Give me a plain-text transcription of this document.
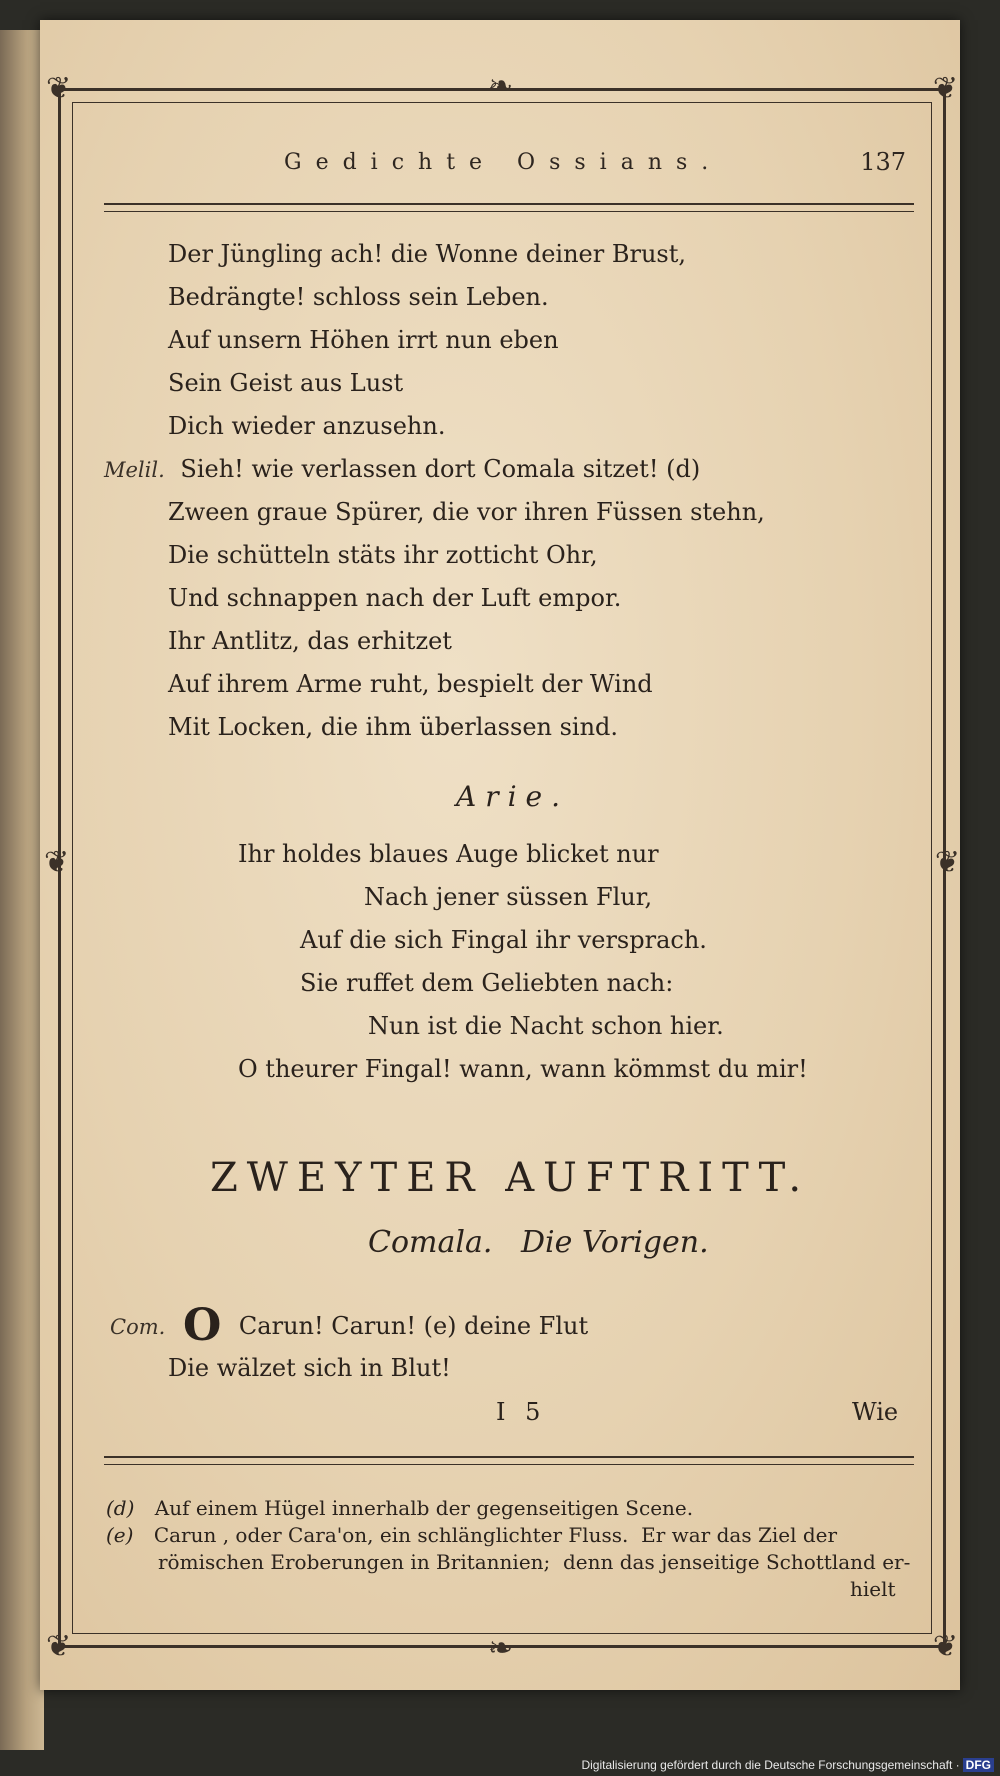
❦	❦
❦	❦
❧
❧
❦	❦
Gedichte Ossians.	137
Der Jüngling ach! die Wonne deiner Brust,
Bedrängte! schloss sein Leben.
Auf unsern Höhen irrt nun eben
Sein Geist aus Lust
Dich wieder anzusehn.
Melil. Sieh! wie verlassen dort Comala sitzet! (d)
Zween graue Spürer, die vor ihren Füssen stehn,
Die schütteln stäts ihr zotticht Ohr,
Und schnappen nach der Luft empor.
Ihr Antlitz, das erhitzet
Auf ihrem Arme ruht, bespielt der Wind
Mit Locken, die ihm überlassen sind.
Arie.
Ihr holdes blaues Auge blicket nur
Nach jener süssen Flur,
Auf die sich Fingal ihr versprach.
Sie ruffet dem Geliebten nach:
Nun ist die Nacht schon hier.
O theurer Fingal! wann, wann kömmst du mir!
ZWEYTER AUFTRITT.
Comala.   Die Vorigen.
Com. O Carun! Carun! (e) deine Flut
Die wälzet sich in Blut!
I 5	Wie
(d) Auf einem Hügel innerhalb der gegenseitigen Scene.
(e) Carun , oder Cara'on, ein schlänglichter Fluss.  Er war das Ziel der
römischen Eroberungen in Britannien;  denn das jenseitige Schottland er-
hielt
Digitalisierung gefördert durch die Deutsche Forschungsgemeinschaft · DFG
